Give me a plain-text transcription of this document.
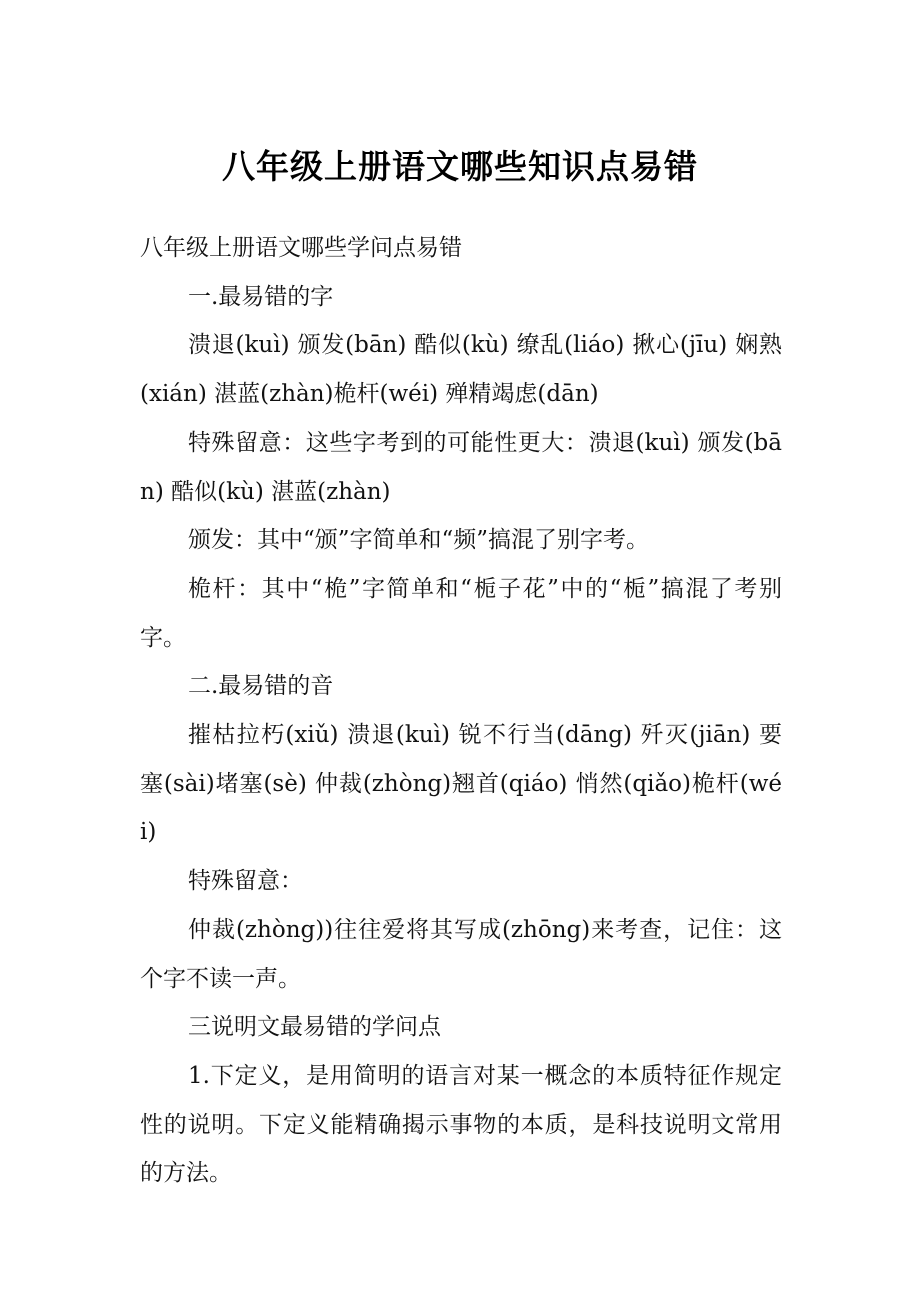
八年级上册语文哪些知识点易错

八年级上册语文哪些学问点易错

一.最易错的字

溃退(kuì) 颁发(bān) 酷似(kù) 缭乱(liáo) 揪心(jīu) 娴熟(xián) 湛蓝(zhàn)桅杆(wéi) 殚精竭虑(dān)

特殊留意：这些字考到的可能性更大：溃退(kuì) 颁发(bān) 酷似(kù) 湛蓝(zhàn)

颁发：其中“颁”字简单和“频”搞混了别字考。

桅杆：其中“桅”字简单和“栀子花”中的“栀”搞混了考别字。

二.最易错的音

摧枯拉朽(xiǔ) 溃退(kuì) 锐不行当(dāng) 歼灭(jiān) 要塞(sài)堵塞(sè) 仲裁(zhòng)翘首(qiáo) 悄然(qiǎo)桅杆(wéi)

特殊留意：

仲裁(zhòng))往往爱将其写成(zhōng)来考查，记住：这个字不读一声。

三说明文最易错的学问点

1.下定义，是用简明的语言对某一概念的本质特征作规定性的说明。下定义能精确揭示事物的本质，是科技说明文常用的方法。
